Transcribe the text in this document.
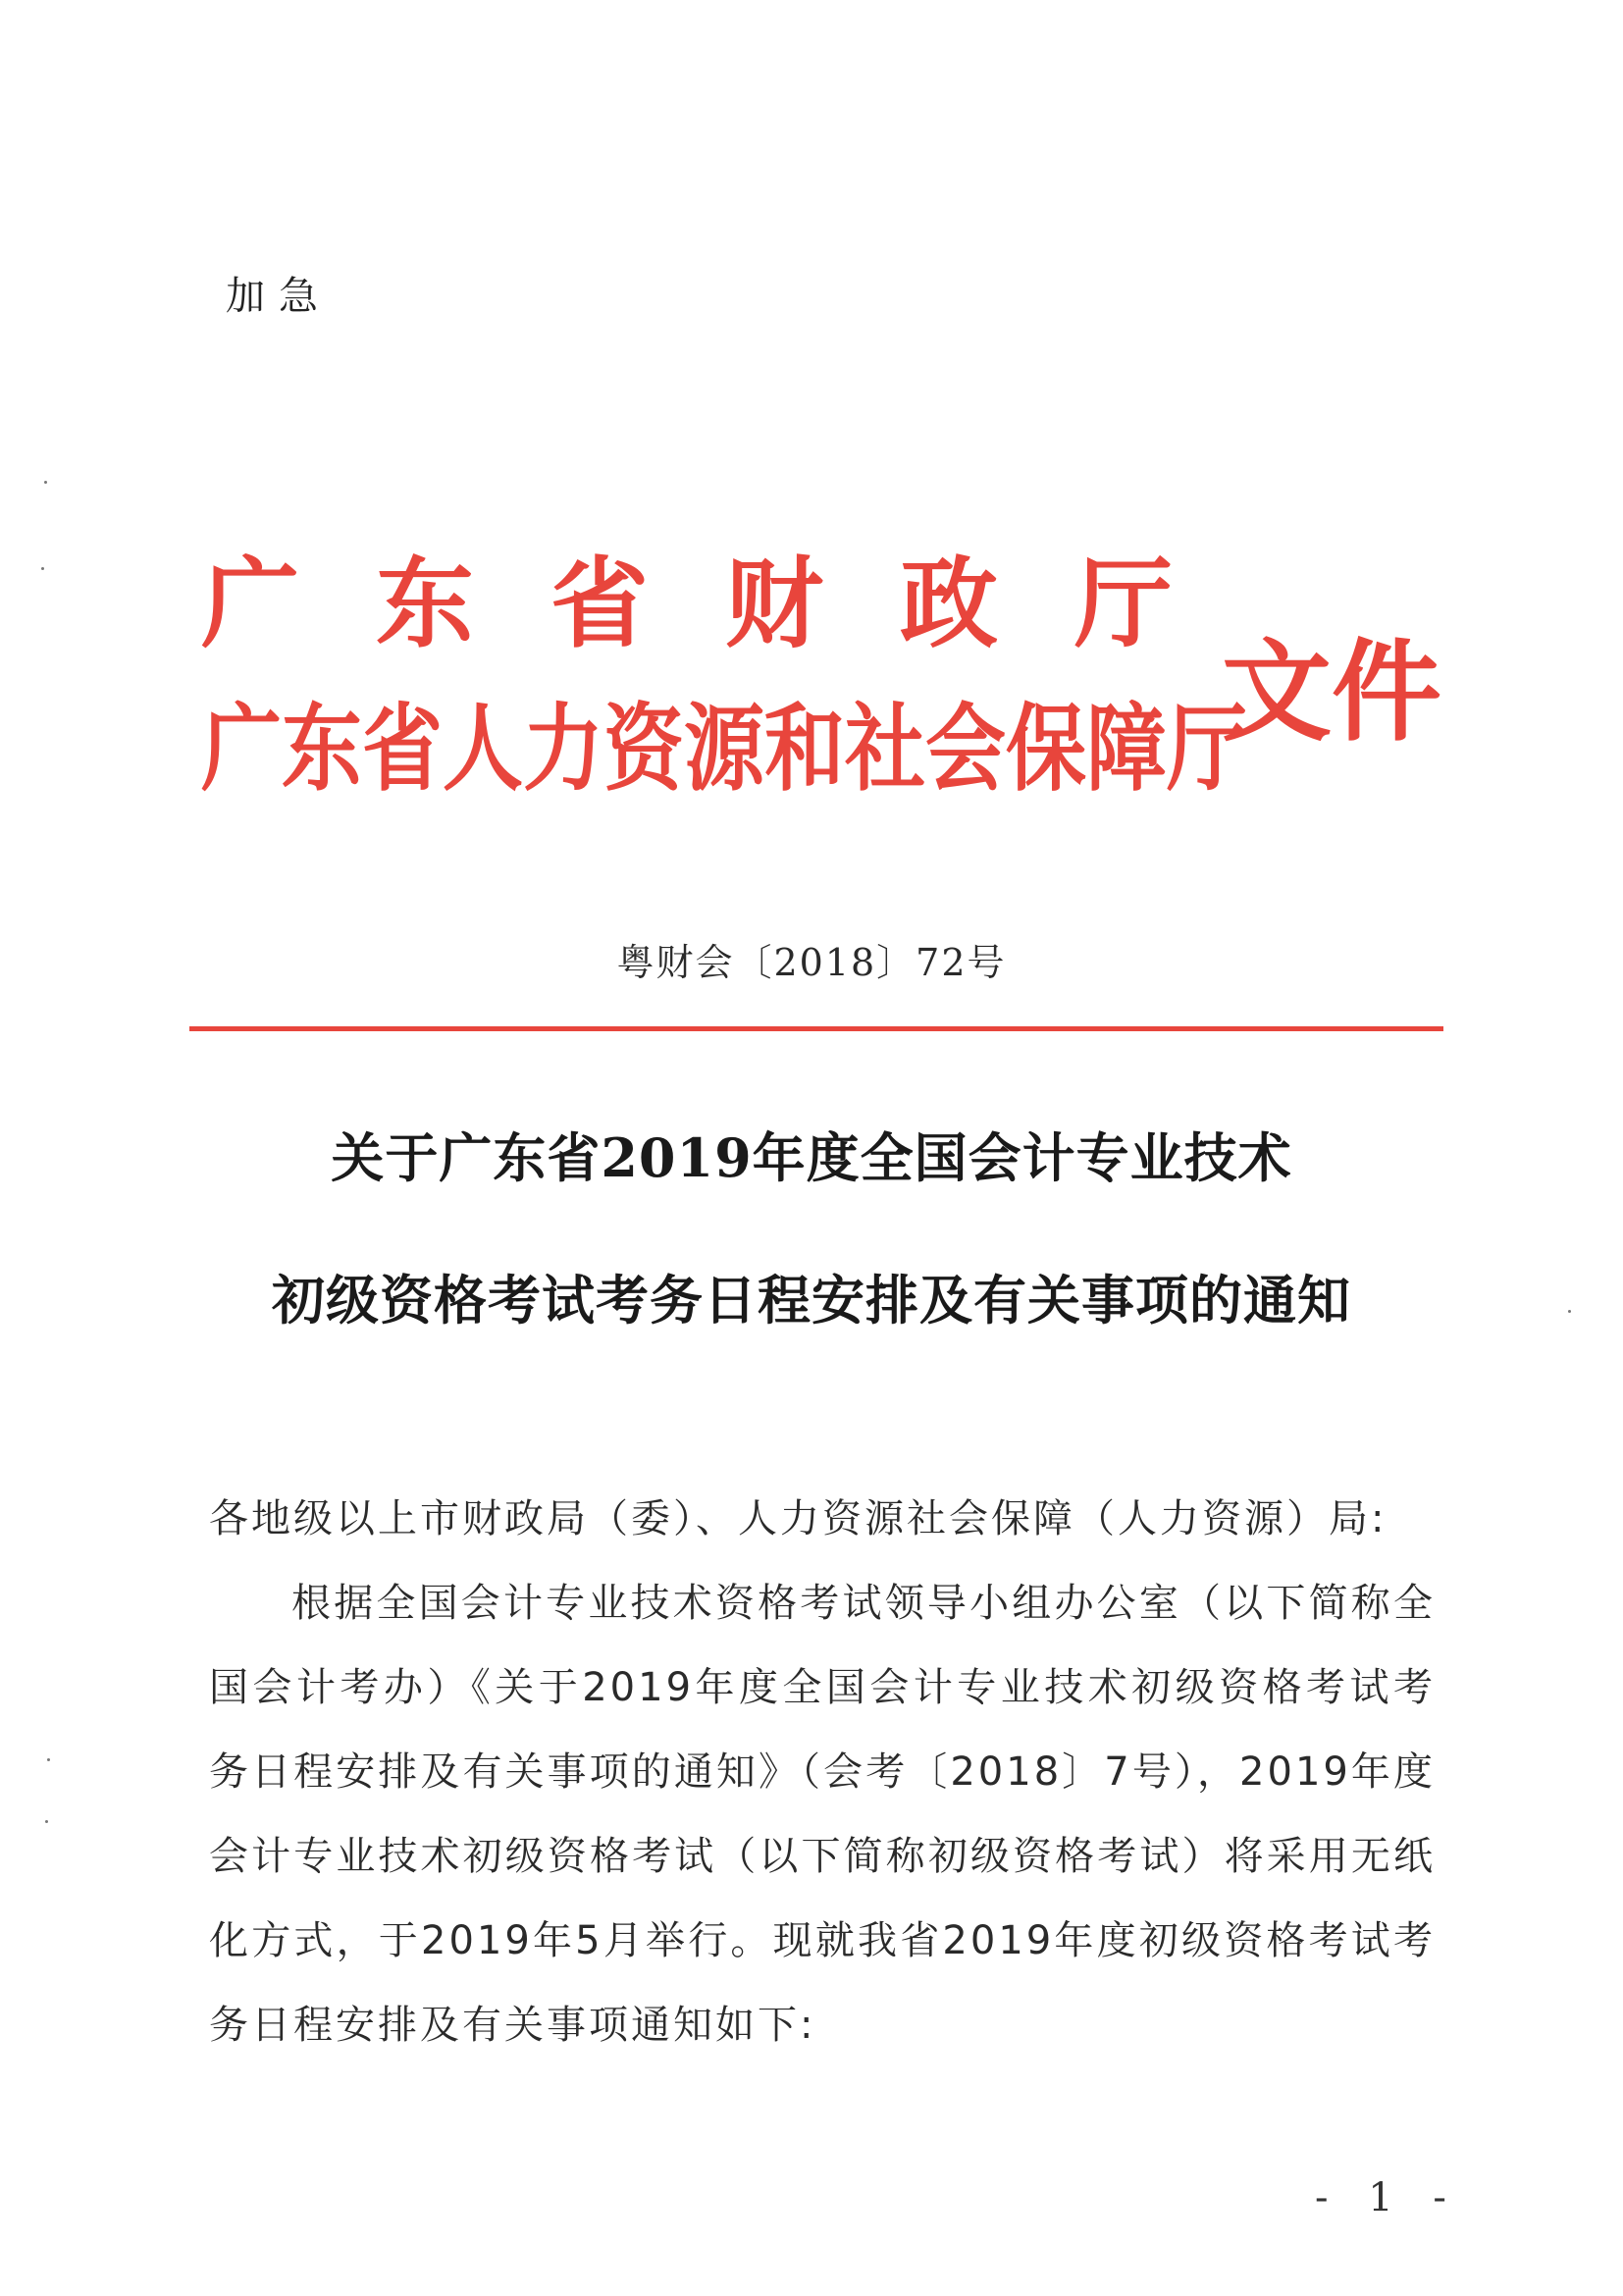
加急
广 东 省 财 政 厅
广东省人力资源和社会保障厅
文件
粤财会〔2018〕72号
关于广东省2019年度全国会计专业技术
初级资格考试考务日程安排及有关事项的通知

各地级以上市财政局（委）、人力资源社会保障（人力资源）局:

根据全国会计专业技术资格考试领导小组办公室（以下简称全国会计考办）《关于2019年度全国会计专业技术初级资格考试考务日程安排及有关事项的通知》（会考〔2018〕7号），2019年度会计专业技术初级资格考试（以下简称初级资格考试）将采用无纸化方式，于2019年5月举行。现就我省2019年度初级资格考试考务日程安排及有关事项通知如下:

- 1 -
